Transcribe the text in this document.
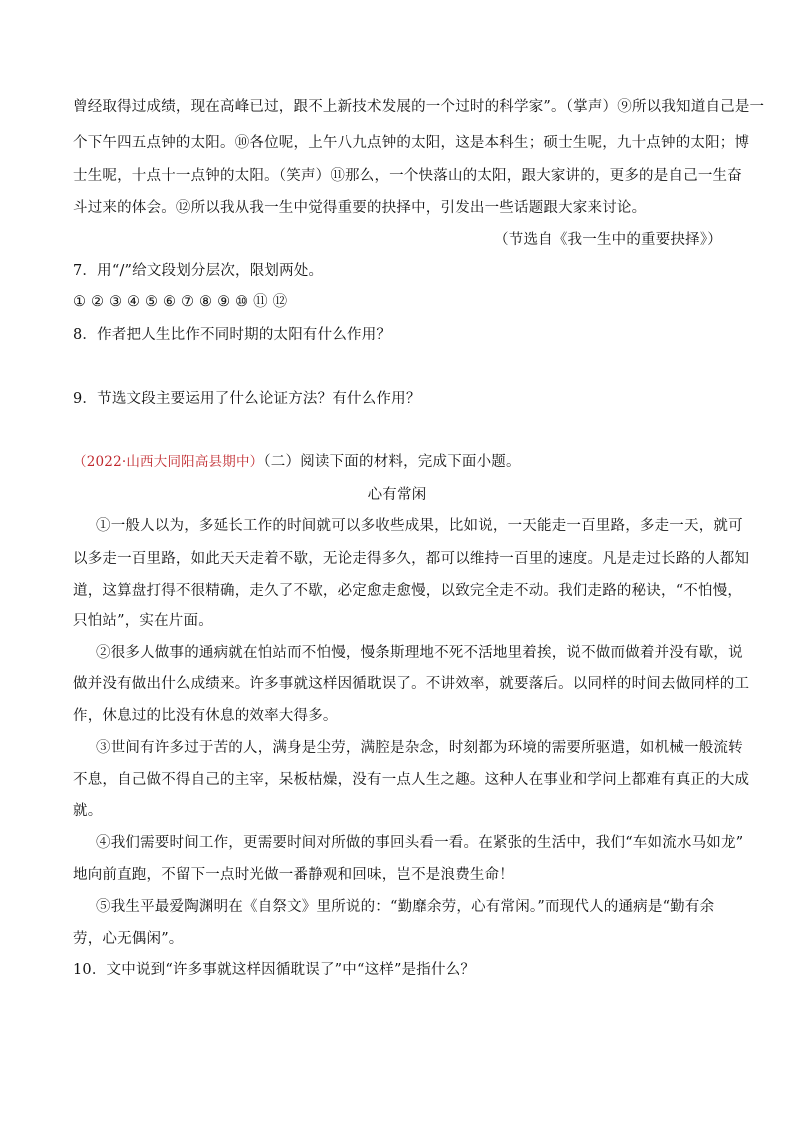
曾经取得过成绩，现在高峰已过，跟不上新技术发展的一个过时的科学家”。（掌声）⑨所以我知道自己是一
个下午四五点钟的太阳。⑩各位呢，上午八九点钟的太阳，这是本科生；硕士生呢，九十点钟的太阳；博
士生呢，十点十一点钟的太阳。（笑声）⑪那么，一个快落山的太阳，跟大家讲的，更多的是自己一生奋
斗过来的体会。⑫所以我从我一生中觉得重要的抉择中，引发出一些话题跟大家来讨论。
（节选自《我一生中的重要抉择》）
7．用“/”给文段划分层次，限划两处。
① ② ③ ④ ⑤ ⑥ ⑦ ⑧ ⑨ ⑩ ⑪ ⑫
8．作者把人生比作不同时期的太阳有什么作用？
9．节选文段主要运用了什么论证方法？有什么作用？
（2022·山西大同阳高县期中）（二）阅读下面的材料，完成下面小题。
心有常闲
①一般人以为，多延长工作的时间就可以多收些成果，比如说，一天能走一百里路，多走一天，就可
以多走一百里路，如此天天走着不歇，无论走得多久，都可以维持一百里的速度。凡是走过长路的人都知
道，这算盘打得不很精确，走久了不歇，必定愈走愈慢，以致完全走不动。我们走路的秘诀，“不怕慢，
只怕站”，实在片面。
②很多人做事的通病就在怕站而不怕慢，慢条斯理地不死不活地里着挨，说不做而做着并没有歇，说
做并没有做出什么成绩来。许多事就这样因循耽误了。不讲效率，就要落后。以同样的时间去做同样的工
作，休息过的比没有休息的效率大得多。
③世间有许多过于苦的人，满身是尘劳，满腔是杂念，时刻都为环境的需要所驱遣，如机械一般流转
不息，自己做不得自己的主宰，呆板枯燥，没有一点人生之趣。这种人在事业和学问上都难有真正的大成
就。
④我们需要时间工作，更需要时间对所做的事回头看一看。在紧张的生活中，我们“车如流水马如龙”
地向前直跑，不留下一点时光做一番静观和回味，岂不是浪费生命！
⑤我生平最爱陶渊明在《自祭文》里所说的：“勤靡余劳，心有常闲。”而现代人的通病是“勤有余
劳，心无偶闲”。
10．文中说到“许多事就这样因循耽误了”中“这样”是指什么？
